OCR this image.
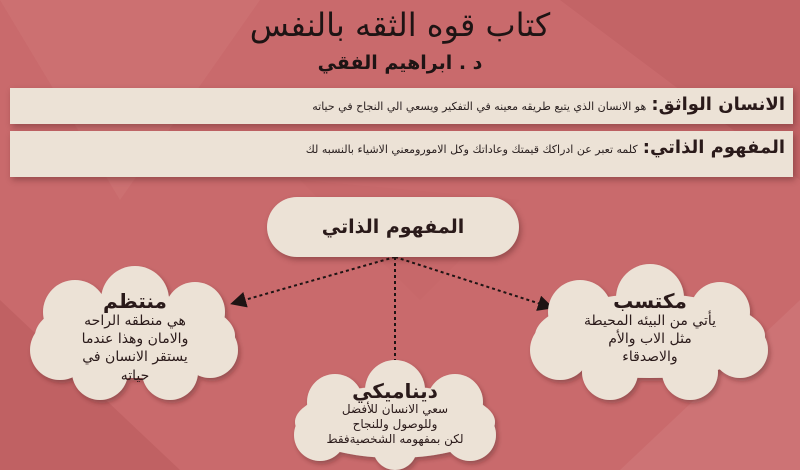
كتاب قوه الثقه بالنفس
د . ابراهيم الفقي
الانسان الواثق: هو الانسان الذي يتبع طريقه معينه في التفكير ويسعي الي النجاح في حياته
المفهوم الذاتي: كلمه تعبر عن ادراكك قيمتك وعاداتك وكل الامورومعني الاشياء بالنسبه لك
المفهوم الذاتي
منتظم
هي منطقه الراحه
والامان وهذا عندما
يستقر الانسان في
حياته
مكتسب
يأتي من البيئه المحيطة
مثل الاب والأم
والاصدقاء
ديناميكي
سعي الانسان للأفضل
وللوصول وللنجاح
لكن بمفهومه الشخصيةفقط
